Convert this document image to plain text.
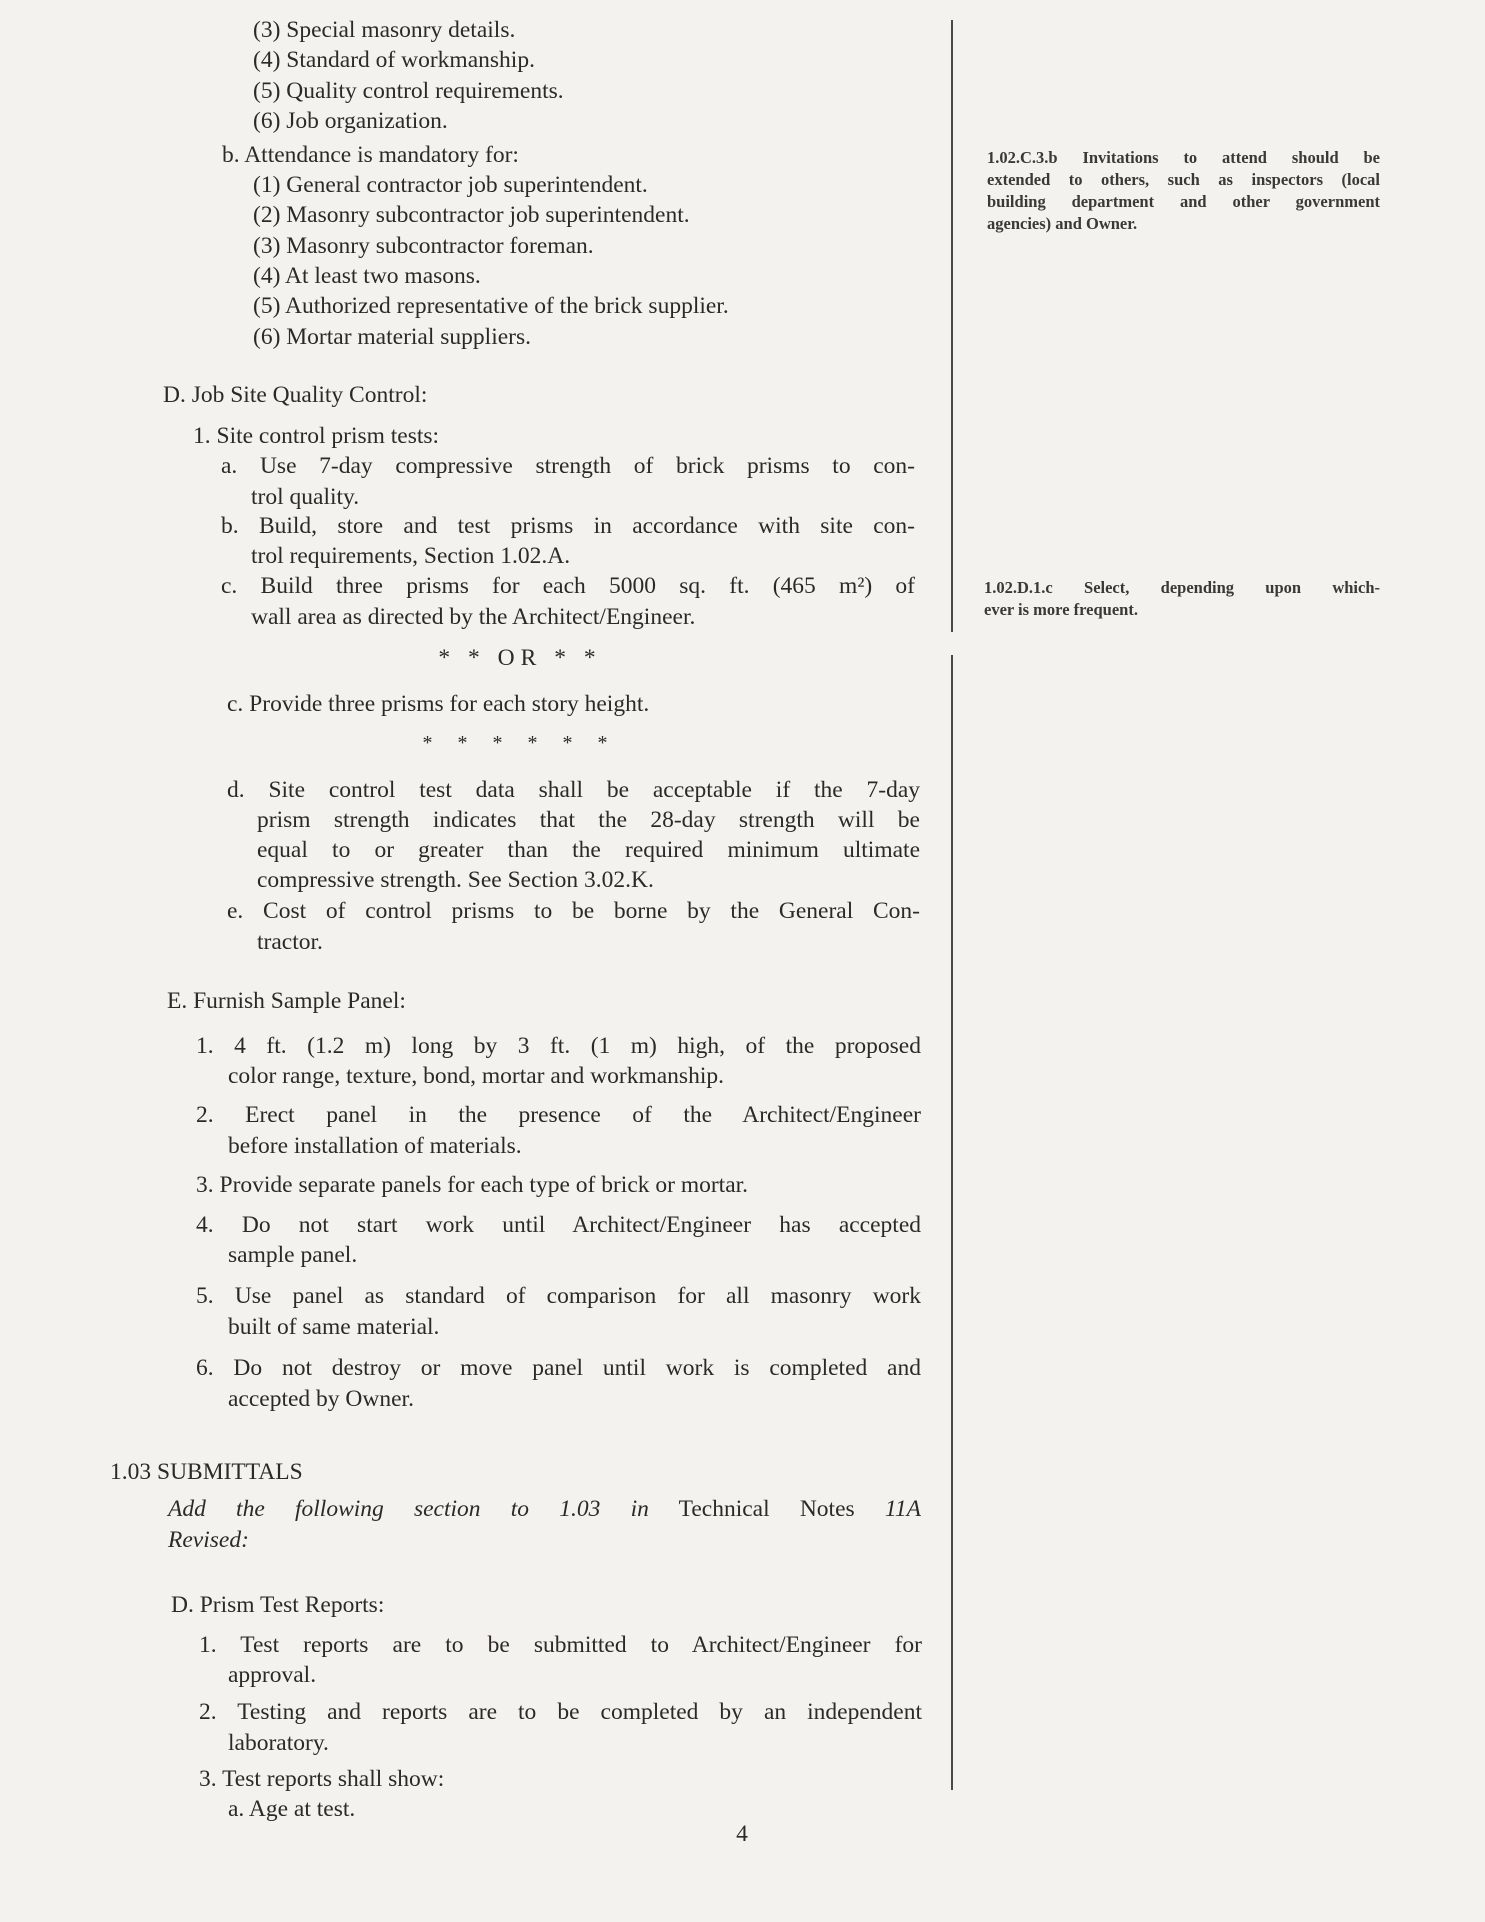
(3) Special masonry details.
(4) Standard of workmanship.
(5) Quality control requirements.
(6) Job organization.
b. Attendance is mandatory for:
(1) General contractor job superintendent.
(2) Masonry subcontractor job superintendent.
(3) Masonry subcontractor foreman.
(4) At least two masons.
(5) Authorized representative of the brick supplier.
(6) Mortar material suppliers.
D. Job Site Quality Control:
1. Site control prism tests:
a. Use 7-day compressive strength of brick prisms to con-
trol quality.
b. Build, store and test prisms in accordance with site con-
trol requirements, Section 1.02.A.
c. Build three prisms for each 5000 sq. ft. (465 m²) of
wall area as directed by the Architect/Engineer.
* * OR * *
c. Provide three prisms for each story height.
* * * * * *
d. Site control test data shall be acceptable if the 7-day
prism strength indicates that the 28-day strength will be
equal to or greater than the required minimum ultimate
compressive strength. See Section 3.02.K.
e. Cost of control prisms to be borne by the General Con-
tractor.
E. Furnish Sample Panel:
1. 4 ft. (1.2 m) long by 3 ft. (1 m) high, of the proposed
color range, texture, bond, mortar and workmanship.
2. Erect panel in the presence of the Architect/Engineer
before installation of materials.
3. Provide separate panels for each type of brick or mortar.
4. Do not start work until Architect/Engineer has accepted
sample panel.
5. Use panel as standard of comparison for all masonry work
built of same material.
6. Do not destroy or move panel until work is completed and
accepted by Owner.
1.03 SUBMITTALS
Add the following section to 1.03 in Technical Notes 11A
Revised:
D. Prism Test Reports:
1. Test reports are to be submitted to Architect/Engineer for
approval.
2. Testing and reports are to be completed by an independent
laboratory.
3. Test reports shall show:
a. Age at test.
1.02.C.3.b Invitations to attend should be
extended to others, such as inspectors (local
building department and other government
agencies) and Owner.
1.02.D.1.c Select, depending upon which-
ever is more frequent.
4
